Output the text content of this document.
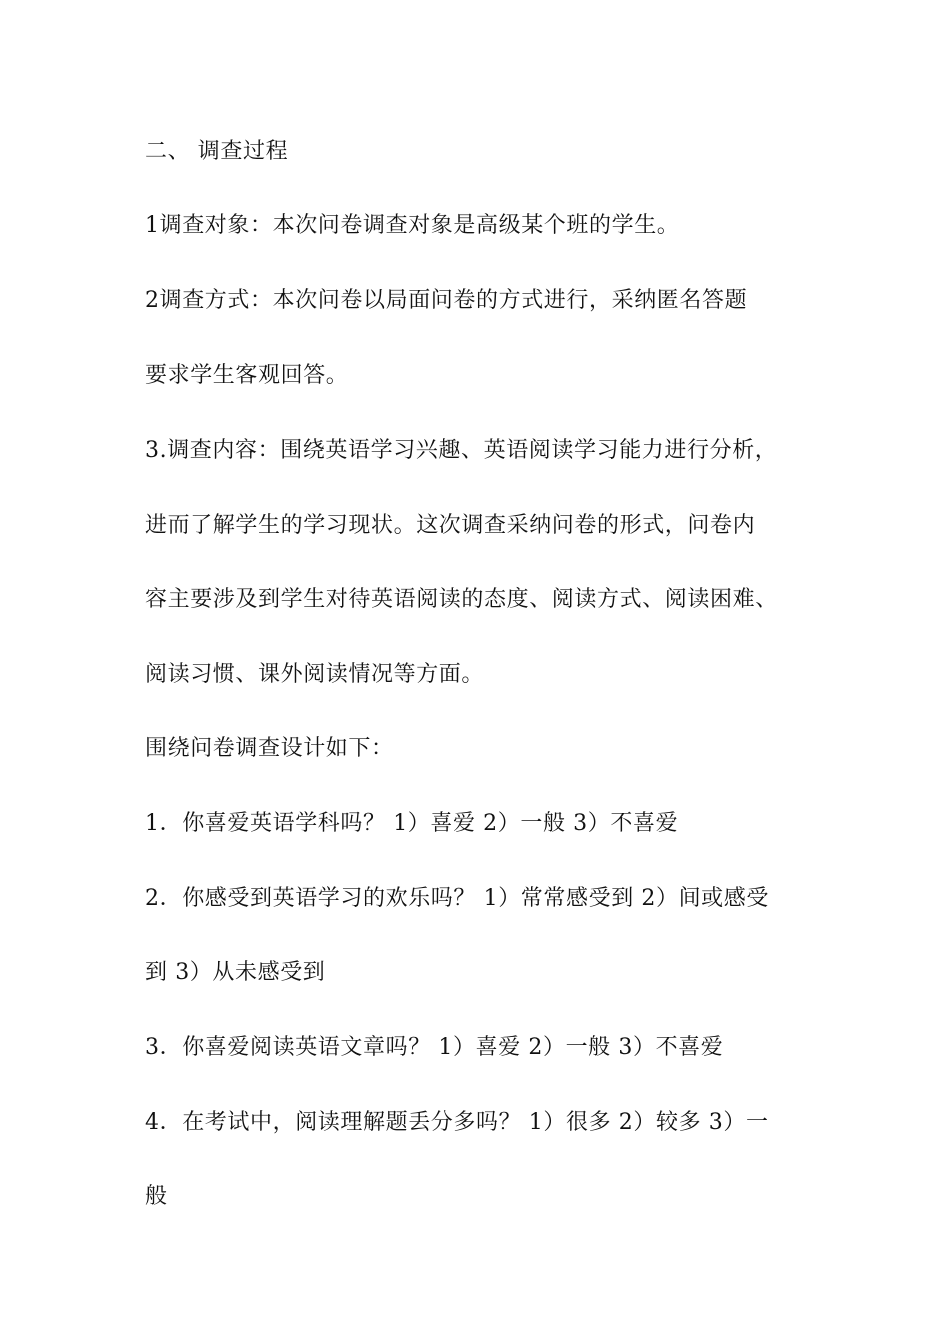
二、 调查过程
1调查对象：本次问卷调查对象是高级某个班的学生。
2调查方式：本次问卷以局面问卷的方式进行，采纳匿名答题
要求学生客观回答。
3.调查内容：围绕英语学习兴趣、英语阅读学习能力进行分析，
进而了解学生的学习现状。这次调查采纳问卷的形式，问卷内
容主要涉及到学生对待英语阅读的态度、阅读方式、阅读困难、
阅读习惯、课外阅读情况等方面。
围绕问卷调查设计如下：
1．你喜爱英语学科吗？ 1）喜爱 2）一般 3）不喜爱
2．你感受到英语学习的欢乐吗？ 1）常常感受到 2）间或感受
到 3）从未感受到
3．你喜爱阅读英语文章吗？ 1）喜爱 2）一般 3）不喜爱
4．在考试中，阅读理解题丢分多吗？ 1）很多 2）较多 3）一
般
